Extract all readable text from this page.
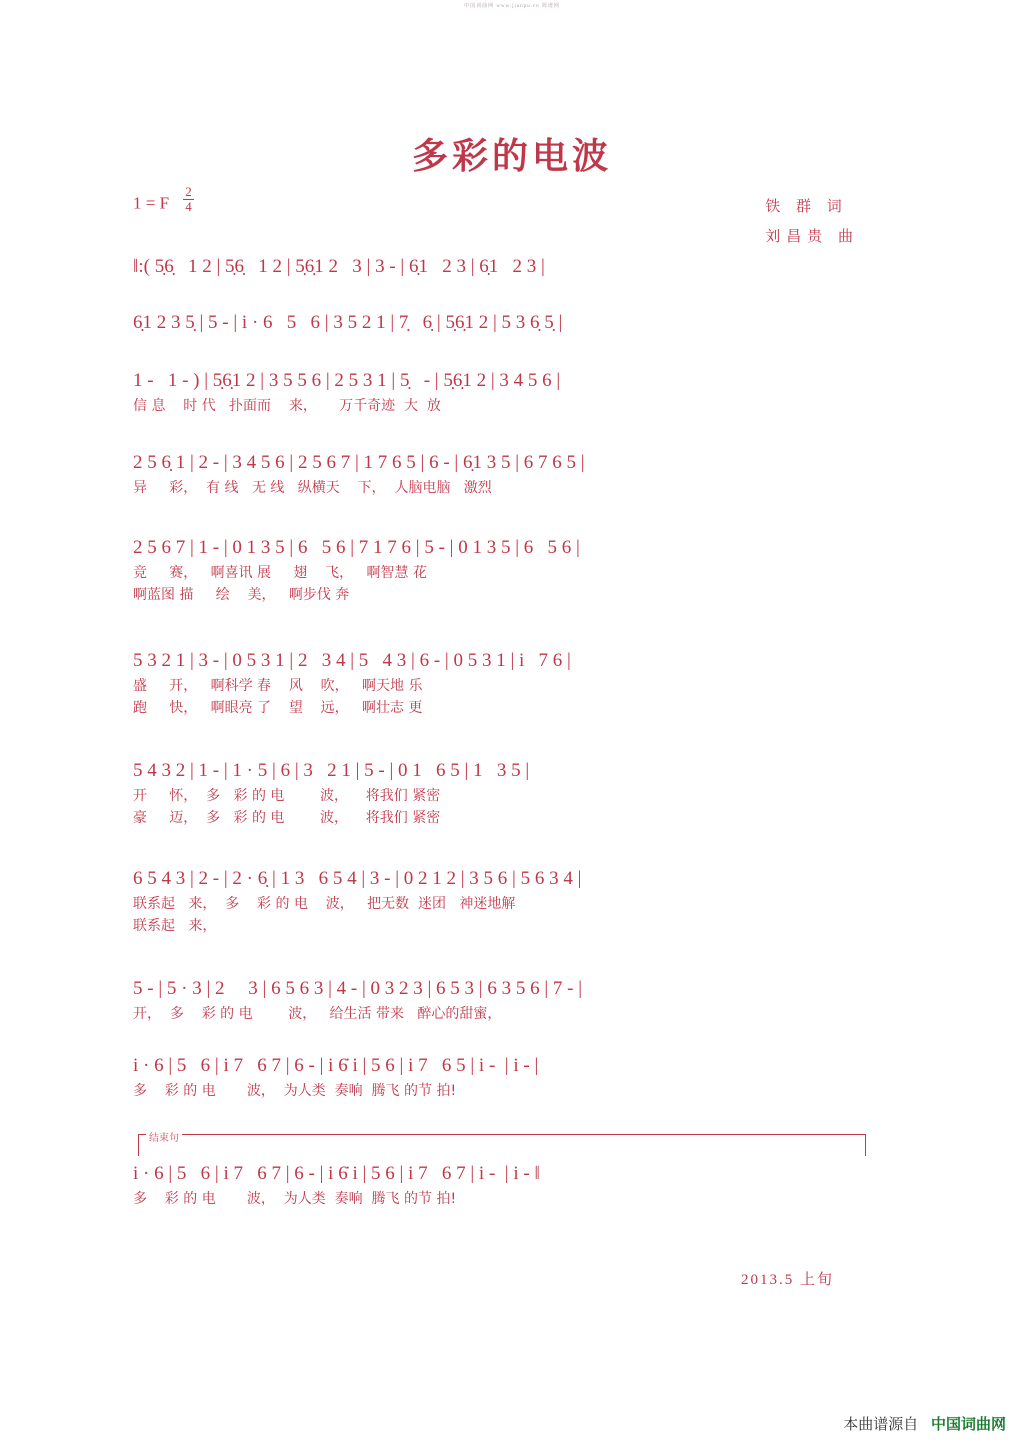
中国词曲网 www.jianpu.cn 简谱网
多彩的电波
1 = F $\frac{2}{4}$	铁 群 词
刘昌贵 曲
‖:( 5̣6̣   1 2 | 5̣6̣   1 2 | 5̣6̣1 2   3 | 3 - | 6̣1   2 3 | 6̣1   2 3 |
6̣1 2 3 5̣ | 5 - | i · 6   5   6 | 3 5 2 1 | 7̣   6̣ | 5̣6̣1 2 | 5 3 6̣ 5̣ |
1 -   1 - ) | 5̣6̣1 2 | 3 5 5 6 | 2 5 3 1 | 5̣   - | 5̣6̣1 2 | 3 4 5 6 |
信 息    时 代   扑面而    来，     万千奇迹  大  放
2 5 6̣ 1 | 2 - | 3 4 5 6 | 2 5 6 7 | 1 7 6 5 | 6 - | 6̣1 3 5 | 6 7 6 5 |
异     彩，  有 线   无 线   纵横天    下，  人脑电脑   激烈
2 5 6 7 | 1 - | 0 1 3 5 | 6   5 6 | 7 1 7 6 | 5 - | 0 1 3 5 | 6   5 6 |
竞     赛，   啊喜讯 展     翅    飞，   啊智慧 花
啊蓝图 描     绘    美，   啊步伐 奔
5 3 2 1 | 3 - | 0 5 3 1 | 2   3 4 | 5   4 3 | 6 - | 0 5 3 1 | i   7 6 |
盛     开，   啊科学 春    风    吹，   啊天地 乐
跑     快，   啊眼亮 了    望    远，   啊壮志 更
5 4 3 2 | 1 - | 1 · 5 | 6 | 3   2 1 | 5 - | 0 1   6 5 | 1   3 5 |
开     怀，  多   彩 的 电        波，    将我们 紧密
豪     迈，  多   彩 的 电        波，    将我们 紧密
6 5 4 3 | 2 - | 2 · 6̣ | 1 3   6 5 4 | 3 - | 0 2 1 2 | 3 5 6 | 5 6 3 4 |
联系起   来，  多    彩 的 电    波，   把无数  迷团   神迷地解
联系起   来，
5 - | 5 · 3 | 2     3 | 6 5 6 3 | 4 - | 0 3 2 3 | 6 5 3 | 6 3 5 6 | 7 - |
开，  多    彩 的 电        波，   给生活 带来   醉心的甜蜜，
i · 6 | 5   6 | i 7   6 7 | 6 - | i 6̇ i | 5 6 | i 7   6 5 | i -  | i - |
多    彩 的 电       波，  为人类  奏响  腾飞 的节 拍!
结束句
i · 6 | 5   6 | i 7   6 7 | 6 - | i 6̇ i | 5 6 | i 7   6 7 | i -  | i - ‖
多    彩 的 电       波，  为人类  奏响  腾飞 的节 拍!
2013.5 上旬
本曲谱源自 中国词曲网
